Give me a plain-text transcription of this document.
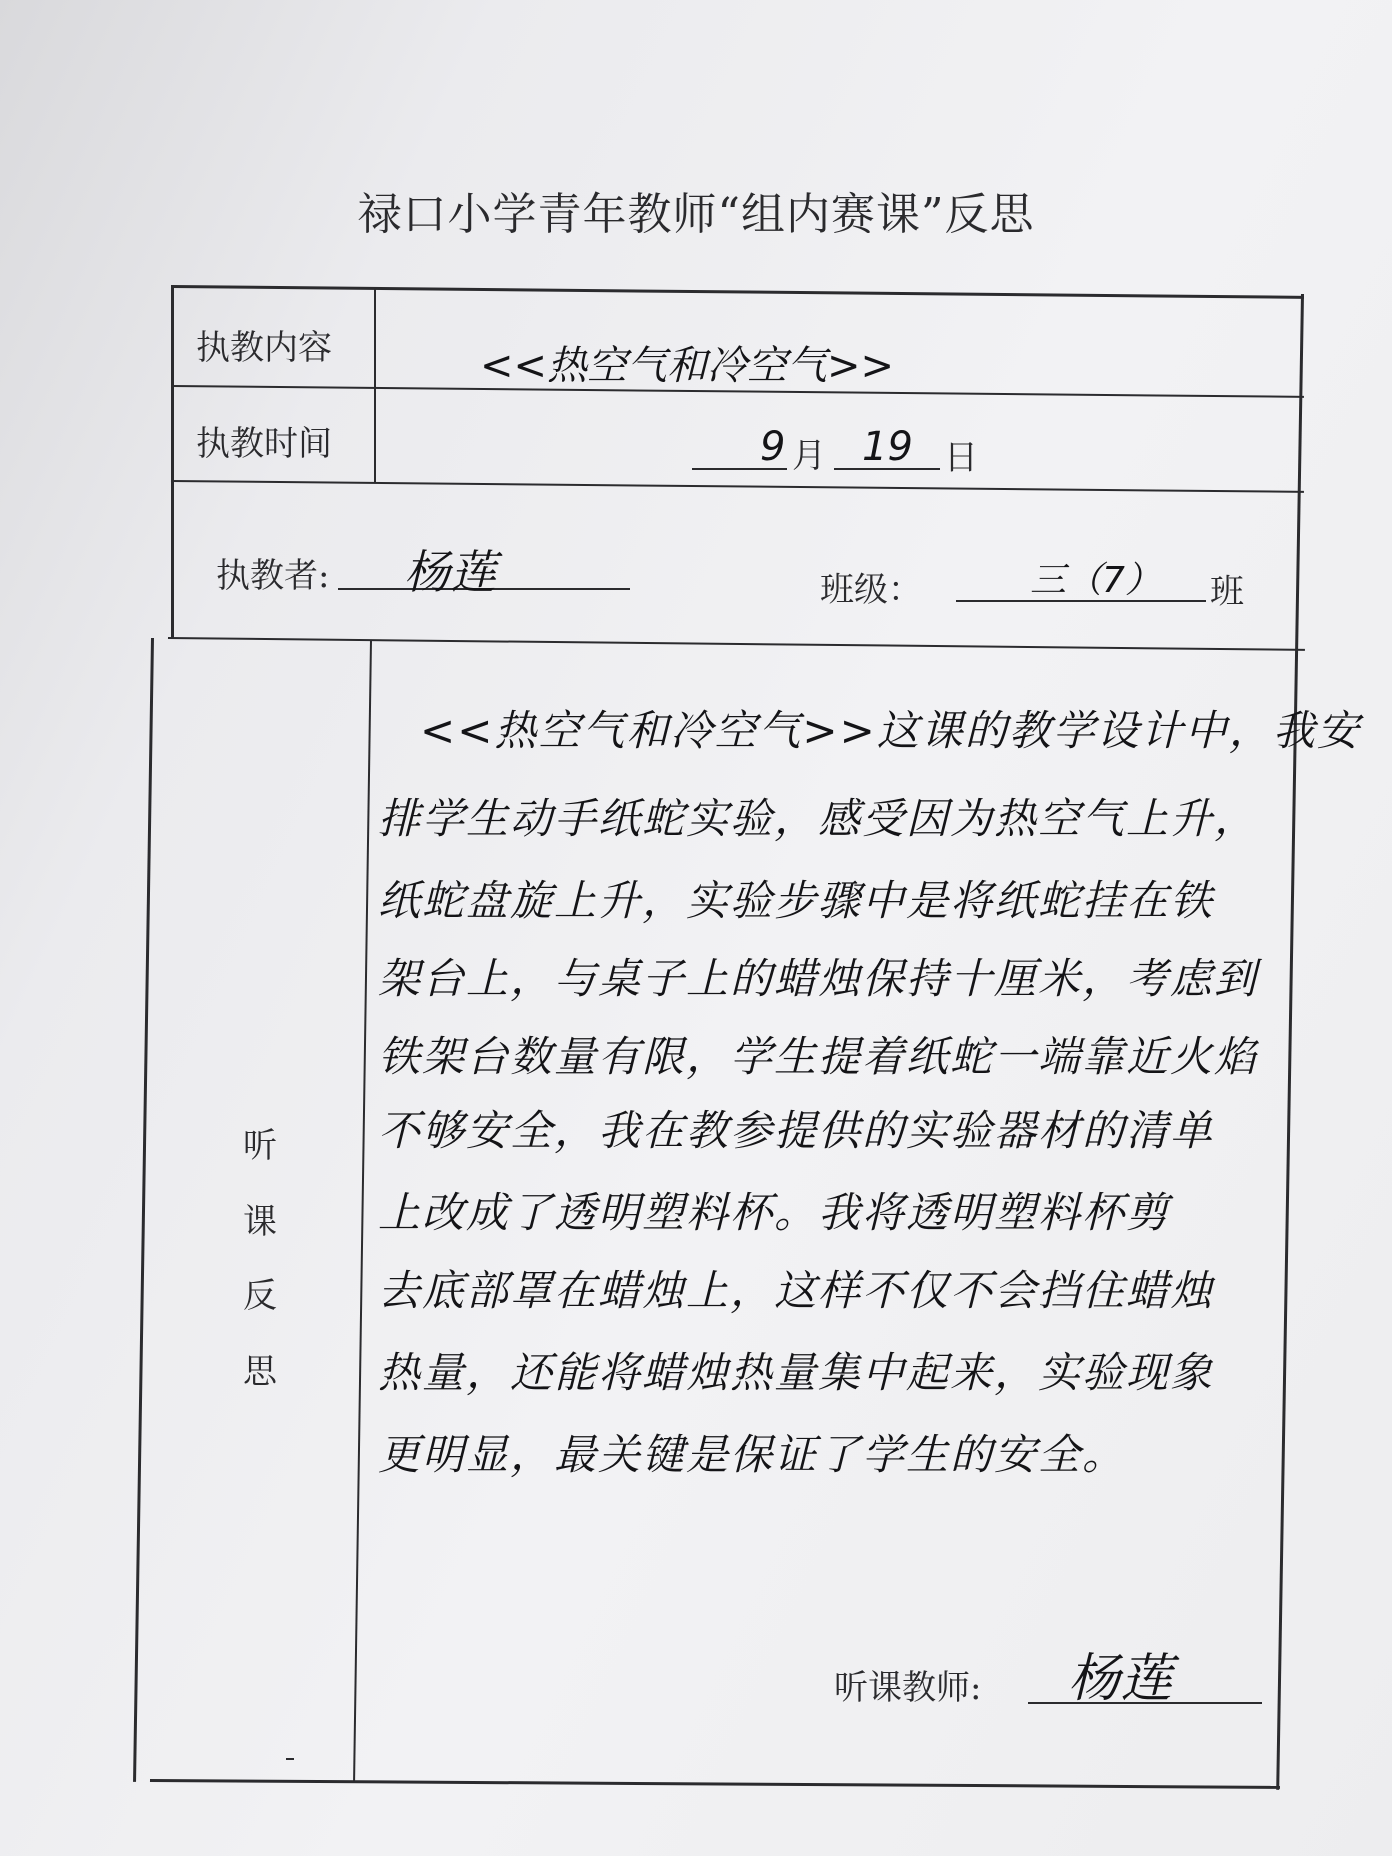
禄口小学青年教师“组内赛课”反思
执教内容	<<热空气和冷空气>>
执教时间	9 月 19 日
执教者: 杨莲	班级：	三（7） 班
听
课
反
思
<<热空气和冷空气>>这课的教学设计中，我安
排学生动手纸蛇实验，感受因为热空气上升，
纸蛇盘旋上升，实验步骤中是将纸蛇挂在铁
架台上，与桌子上的蜡烛保持十厘米，考虑到
铁架台数量有限，学生提着纸蛇一端靠近火焰
不够安全，我在教参提供的实验器材的清单
上改成了透明塑料杯。我将透明塑料杯剪
去底部罩在蜡烛上，这样不仅不会挡住蜡烛
热量，还能将蜡烛热量集中起来，实验现象
更明显，最关键是保证了学生的安全。
听课教师: 杨莲
